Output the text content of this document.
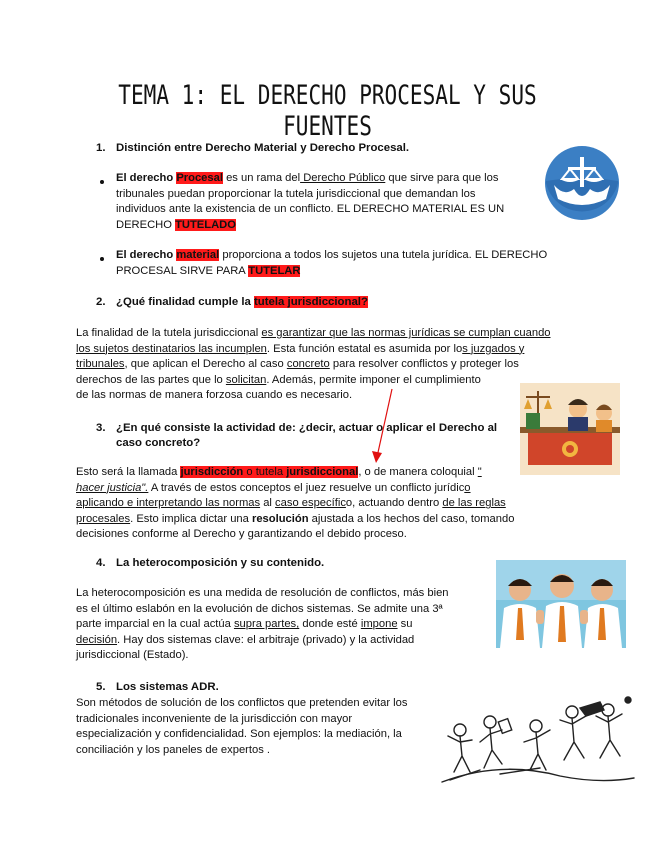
TEMA 1: EL DERECHO PROCESAL Y SUS FUENTES
1. Distinción entre Derecho Material y Derecho Procesal.
El derecho Procesal es un rama del Derecho Público que sirve para que los
tribunales puedan proporcionar la tutela jurisdiccional que demandan los
individuos ante la existencia de un conflicto. EL DERECHO MATERIAL ES UN
DERECHO TUTELADO
El derecho material proporciona a todos los sujetos una tutela jurídica. EL DERECHO
PROCESAL SIRVE PARA TUTELAR
2. ¿Qué finalidad cumple la tutela jurisdiccional?
La finalidad de la tutela jurisdiccional es garantizar que las normas jurídicas se cumplan cuando
los sujetos destinatarios las incumplen. Esta función estatal es asumida por los juzgados y
tribunales, que aplican el Derecho al caso concreto para resolver conflictos y proteger los
derechos de las partes que lo solicitan. Además, permite imponer el cumplimiento
de las normas de manera forzosa cuando es necesario.
3. ¿En qué consiste la actividad de: ¿decir, actuar o aplicar el Derecho al
caso concreto?
Esto será la llamada jurisdicción o tutela jurisdiccional, o de manera coloquial "
hacer justicia". A través de estos conceptos el juez resuelve un conflicto jurídico
aplicando e interpretando las normas al caso específico, actuando dentro de las reglas
procesales. Esto implica dictar una resolución ajustada a los hechos del caso, tomando
decisiones conforme al Derecho y garantizando el debido proceso.
4. La heterocomposición y su contenido.
La heterocomposición es una medida de resolución de conflictos, más bien
es el último eslabón en la evolución de dichos sistemas. Se admite una 3ª
parte imparcial en la cual actúa supra partes, donde esté impone su
decisión. Hay dos sistemas clave: el arbitraje (privado) y la actividad
jurisdiccional (Estado).
5. Los sistemas ADR.
Son métodos de solución de los conflictos que pretenden evitar los
tradicionales inconveniente de la jurisdicción con mayor
especialización y confidencialidad. Son ejemplos: la mediación, la
conciliación y los paneles de expertos .
